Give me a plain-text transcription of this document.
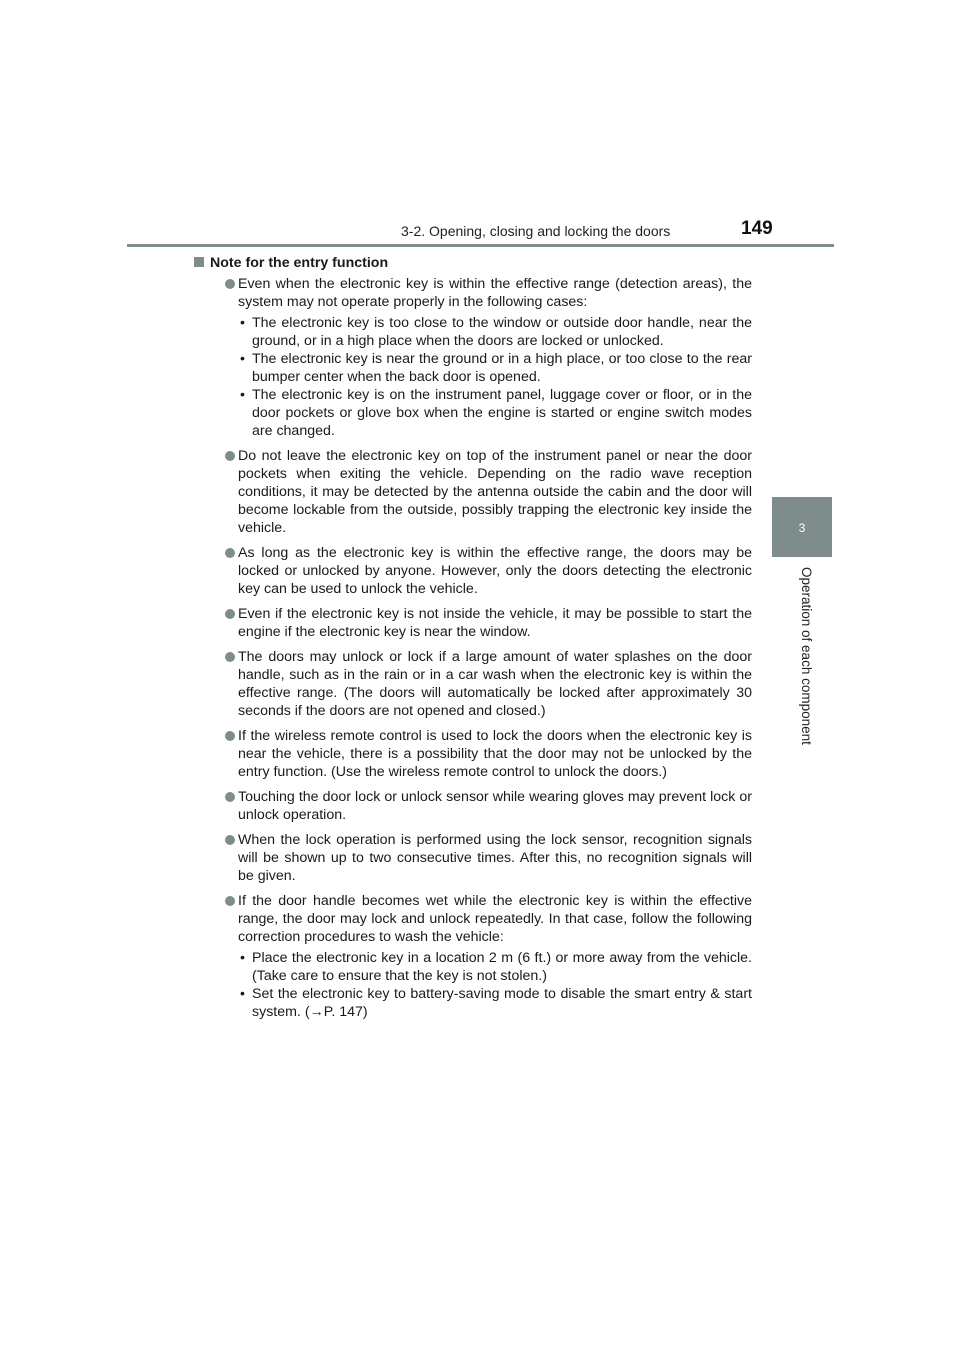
3-2. Opening, closing and locking the doors	149
3
Operation of each component
Note for the entry function
Even when the electronic key is within the effective range (detection areas), the system may not operate properly in the following cases:
• The electronic key is too close to the window or outside door handle, near the ground, or in a high place when the doors are locked or unlocked.
• The electronic key is near the ground or in a high place, or too close to the rear bumper center when the back door is opened.
• The electronic key is on the instrument panel, luggage cover or floor, or in the door pockets or glove box when the engine is started or engine switch modes are changed.
Do not leave the electronic key on top of the instrument panel or near the door pockets when exiting the vehicle. Depending on the radio wave reception conditions, it may be detected by the antenna outside the cabin and the door will become lockable from the outside, possibly trapping the electronic key inside the vehicle.
As long as the electronic key is within the effective range, the doors may be locked or unlocked by anyone. However, only the doors detecting the electronic key can be used to unlock the vehicle.
Even if the electronic key is not inside the vehicle, it may be possible to start the engine if the electronic key is near the window.
The doors may unlock or lock if a large amount of water splashes on the door handle, such as in the rain or in a car wash when the electronic key is within the effective range. (The doors will automatically be locked after approximately 30 seconds if the doors are not opened and closed.)
If the wireless remote control is used to lock the doors when the electronic key is near the vehicle, there is a possibility that the door may not be unlocked by the entry function. (Use the wireless remote control to unlock the doors.)
Touching the door lock or unlock sensor while wearing gloves may prevent lock or unlock operation.
When the lock operation is performed using the lock sensor, recognition signals will be shown up to two consecutive times. After this, no recognition signals will be given.
If the door handle becomes wet while the electronic key is within the effective range, the door may lock and unlock repeatedly. In that case, follow the following correction procedures to wash the vehicle:
• Place the electronic key in a location 2 m (6 ft.) or more away from the vehicle. (Take care to ensure that the key is not stolen.)
• Set the electronic key to battery-saving mode to disable the smart entry & start system. (→P. 147)
